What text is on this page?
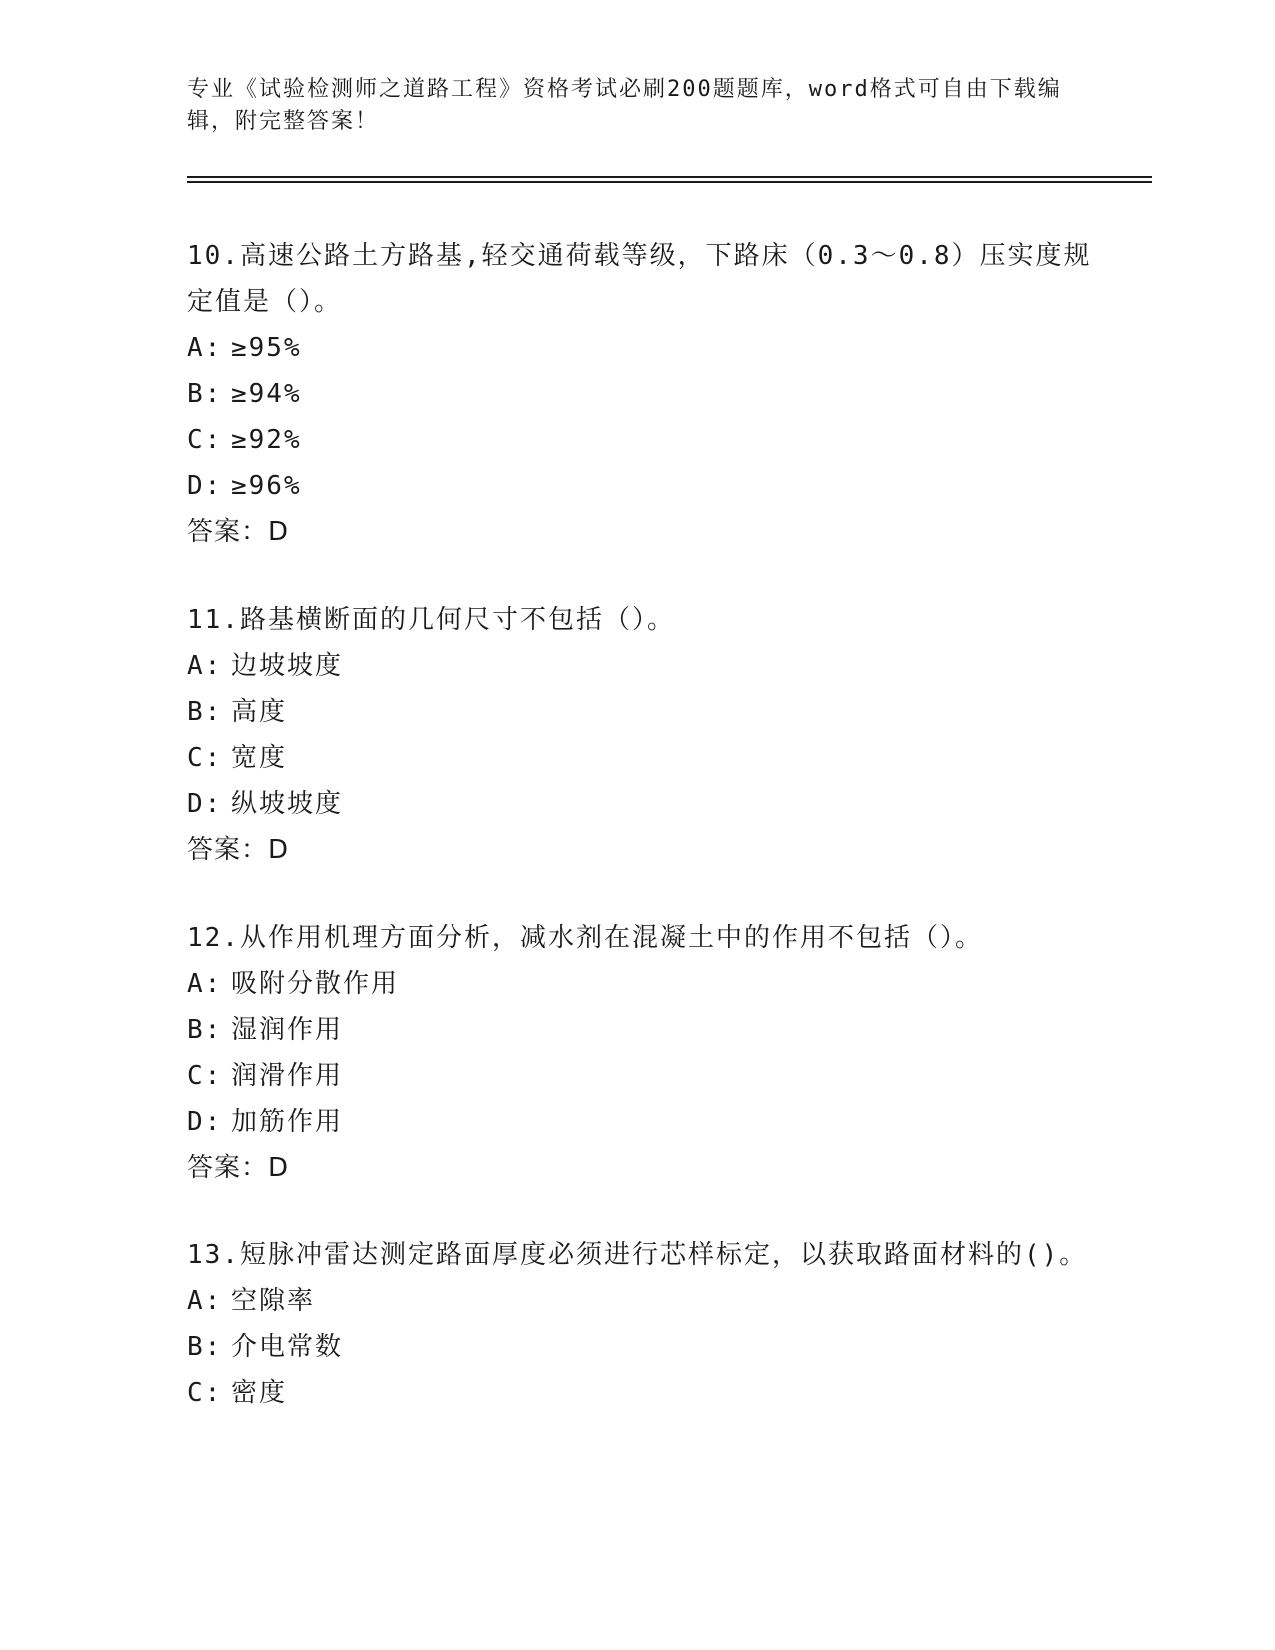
专业《试验检测师之道路工程》资格考试必刷200题题库，word格式可自由下载编辑，附完整答案！

10.高速公路土方路基,轻交通荷载等级，下路床（0.3～0.8）压实度规定值是（）。

A: ≥95%

B: ≥94%

C: ≥92%

D: ≥96%

答案：D

11.路基横断面的几何尺寸不包括（）。

A: 边坡坡度

B: 高度

C: 宽度

D: 纵坡坡度

答案：D

12.从作用机理方面分析，减水剂在混凝土中的作用不包括（）。

A: 吸附分散作用

B: 湿润作用

C: 润滑作用

D: 加筋作用

答案：D

13.短脉冲雷达测定路面厚度必须进行芯样标定，以获取路面材料的()。

A: 空隙率

B: 介电常数

C: 密度
